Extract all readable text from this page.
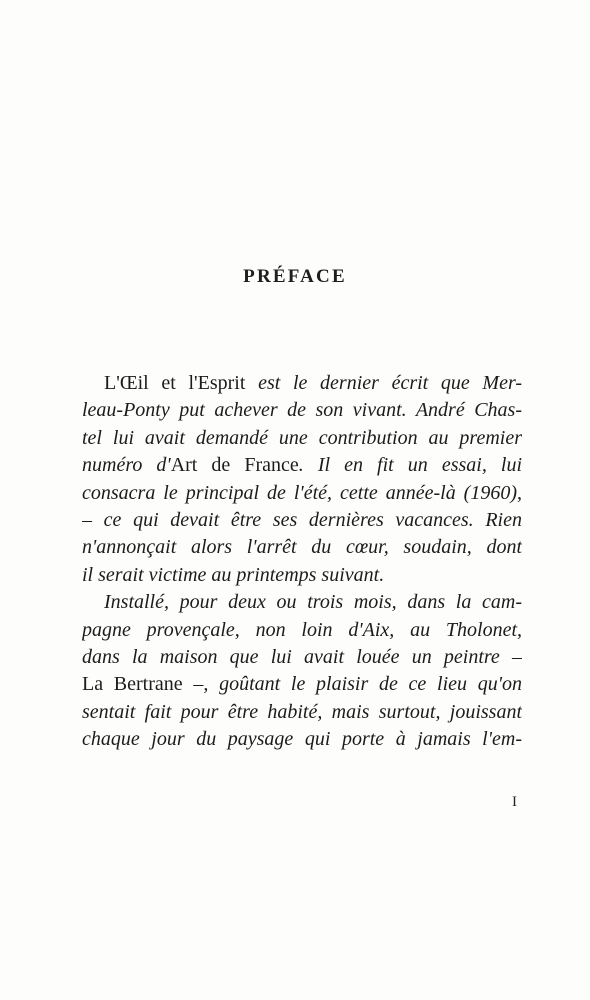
PRÉFACE
L'Œil et l'Esprit est le dernier écrit que Mer-
leau-Ponty put achever de son vivant. André Chas-
tel lui avait demandé une contribution au premier
numéro d'Art de France. Il en fit un essai, lui
consacra le principal de l'été, cette année-là (1960),
– ce qui devait être ses dernières vacances. Rien
n'annonçait alors l'arrêt du cœur, soudain, dont
il serait victime au printemps suivant.
Installé, pour deux ou trois mois, dans la cam-
pagne provençale, non loin d'Aix, au Tholonet,
dans la maison que lui avait louée un peintre –
La Bertrane –, goûtant le plaisir de ce lieu qu'on
sentait fait pour être habité, mais surtout, jouissant
chaque jour du paysage qui porte à jamais l'em-
I
